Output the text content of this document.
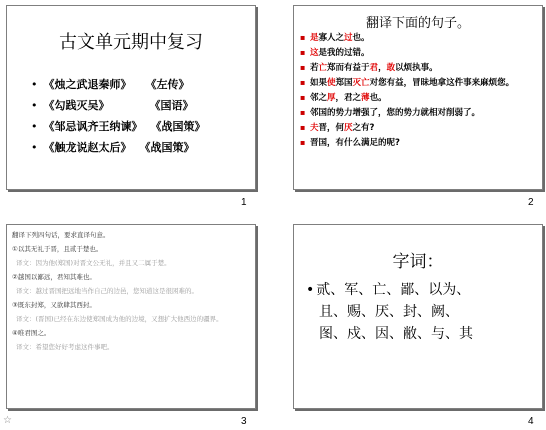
古文单元期中复习
• 《烛之武退秦师》 《左传》
• 《勾践灭吴》	《国语》
• 《邹忌讽齐王纳谏》 《战国策》
• 《触龙说赵太后》 《战国策》
1
翻译下面的句子。
▪ 是寡人之过也。
▪ 这是我的过错。
▪ 若亡郑而有益于君，敢以烦执事。
▪ 如果使郑国灭亡对您有益，冒昧地拿这件事来麻烦您。
▪ 邻之厚，君之薄也。
▪ 邻国的势力增强了，您的势力就相对削弱了。
▪ 夫晋，何厌之有?
▪ 晋国，有什么满足的呢?
2
翻译下列四句话，要求直译句意。
①以其无礼于晋，且贰于楚也。
译文：因为他(郑国)对晋文公无礼，并且又二属于楚。
②越国以鄙远，君知其难也。
译文：越过晋国把远地当作自己的边邑，您知道这是很困难的。
③既东封郑，又欲肆其西封。
译文：(晋国)已经在东边使郑国成为他的边境，又想扩大他西边的疆界。
④唯君图之。
译文：希望您好好考虑这件事吧。
☆	3
字词：
• 贰、军、亡、鄙、以为、
且、赐、厌、封、阙、
图、戍、因、敝、与、其
4
